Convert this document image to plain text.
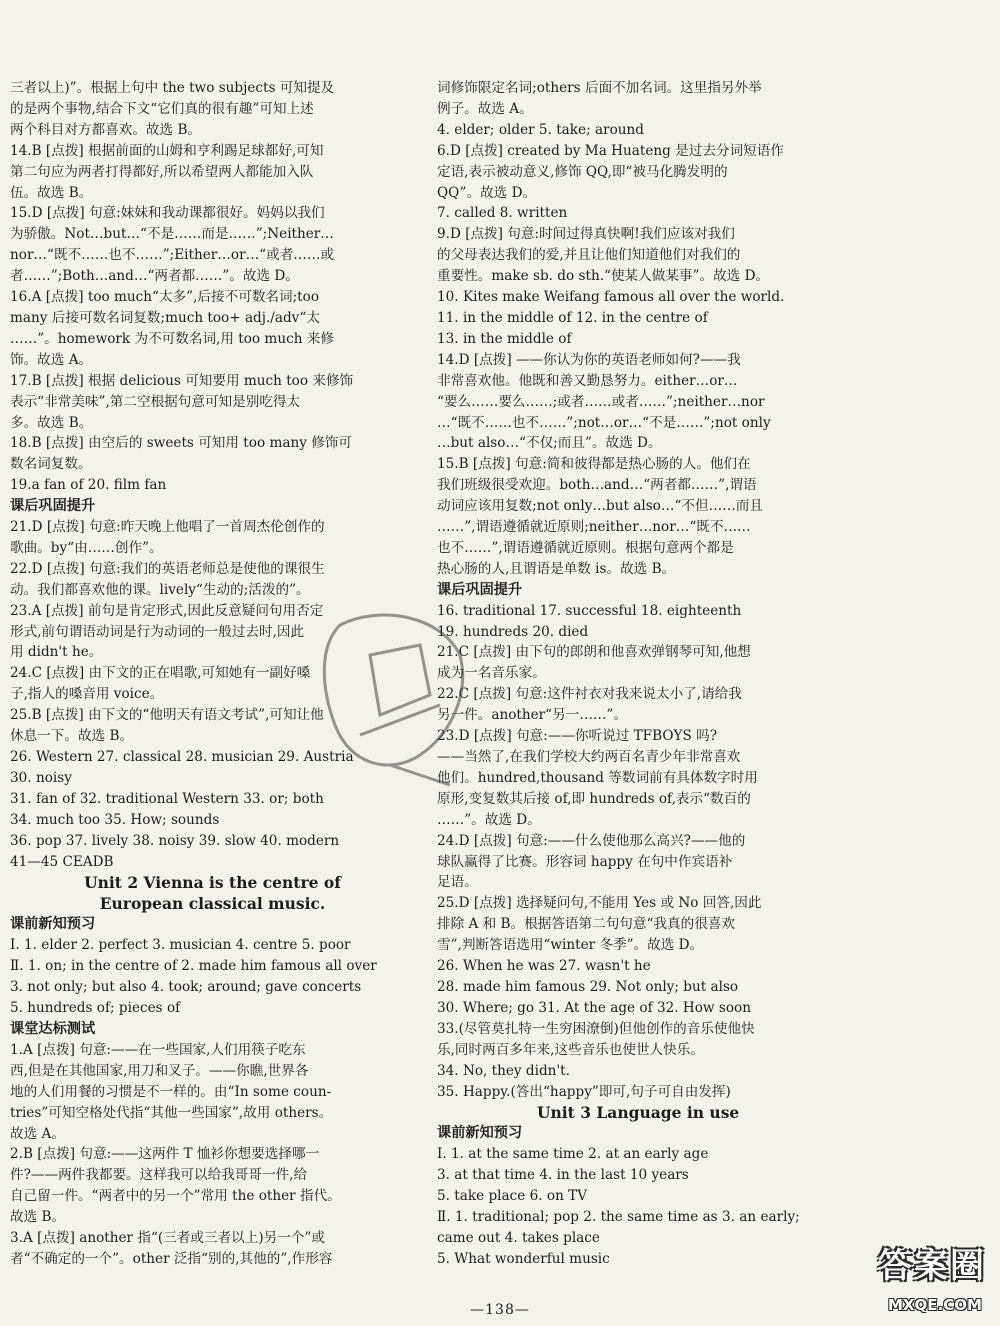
三者以上)”。根据上句中 the two subjects 可知提及
的是两个事物,结合下文“它们真的很有趣”可知上述
两个科目对方都喜欢。故选 B。
14.B [点拨] 根据前面的山姆和亨利踢足球都好,可知
第二句应为两者打得都好,所以希望两人都能加入队
伍。故选 B。
15.D [点拨] 句意:妹妹和我动课都很好。妈妈以我们
为骄傲。Not…but…“不是……而是……”;Neither…
nor…“既不……也不……”;Either…or…“或者……或
者……”;Both…and…“两者都……”。故选 D。
16.A [点拨] too much“太多”,后接不可数名词;too
many 后接可数名词复数;much too+ adj./adv“太
……”。homework 为不可数名词,用 too much 来修
饰。故选 A。
17.B [点拨] 根据 delicious 可知要用 much too 来修饰
表示“非常美味”,第二空根据句意可知是别吃得太
多。故选 B。
18.B [点拨] 由空后的 sweets 可知用 too many 修饰可
数名词复数。
19.a fan of 20. film fan
课后巩固提升
21.D [点拨] 句意:昨天晚上他唱了一首周杰伦创作的
歌曲。by“由……创作”。
22.D [点拨] 句意:我们的英语老师总是使他的课很生
动。我们都喜欢他的课。lively“生动的;活泼的”。
23.A [点拨] 前句是肯定形式,因此反意疑问句用否定
形式,前句谓语动词是行为动词的一般过去时,因此
用 didn't he。
24.C [点拨] 由下文的正在唱歌,可知她有一副好嗓
子,指人的嗓音用 voice。
25.B [点拨] 由下文的“他明天有语文考试”,可知让他
休息一下。故选 B。
26. Western 27. classical 28. musician 29. Austria
30. noisy
31. fan of 32. traditional Western 33. or; both
34. much too 35. How; sounds
36. pop 37. lively 38. noisy 39. slow 40. modern
41—45 CEADB
Unit 2 Vienna is the centre of
European classical music.
课前新知预习
Ⅰ. 1. elder 2. perfect 3. musician 4. centre 5. poor
Ⅱ. 1. on; in the centre of 2. made him famous all over
3. not only; but also 4. took; around; gave concerts
5. hundreds of; pieces of
课堂达标测试
1.A [点拨] 句意:——在一些国家,人们用筷子吃东
西,但是在其他国家,用刀和叉子。——你瞧,世界各
地的人们用餐的习惯是不一样的。由“In some coun-
tries”可知空格处代指“其他一些国家”,故用 others。
故选 A。
2.B [点拨] 句意:——这两件 T 恤衫你想要选择哪一
件?——两件我都要。这样我可以给我哥哥一件,给
自己留一件。“两者中的另一个”常用 the other 指代。
故选 B。
3.A [点拨] another 指“(三者或三者以上)另一个”或
者“不确定的一个”。other 泛指“别的,其他的”,作形容
词修饰限定名词;others 后面不加名词。这里指另外举
例子。故选 A。
4. elder; older 5. take; around
6.D [点拨] created by Ma Huateng 是过去分词短语作
定语,表示被动意义,修饰 QQ,即“被马化腾发明的
QQ”。故选 D。
7. called 8. written
9.D [点拨] 句意:时间过得真快啊!我们应该对我们
的父母表达我们的爱,并且让他们知道他们对我们的
重要性。make sb. do sth.“使某人做某事”。故选 D。
10. Kites make Weifang famous all over the world.
11. in the middle of 12. in the centre of
13. in the middle of
14.D [点拨] ——你认为你的英语老师如何?——我
非常喜欢他。他既和善又勤恳努力。either…or…
“要么……要么……;或者……或者……”;neither…nor
…“既不……也不……”;not…or…“不是……”;not only
…but also…“不仅;而且”。故选 D。
15.B [点拨] 句意:简和彼得都是热心肠的人。他们在
我们班级很受欢迎。both…and…“两者都……”,谓语
动词应该用复数;not only…but also…“不但……而且
……”,谓语遵循就近原则;neither…nor…“既不……
也不……”,谓语遵循就近原则。根据句意两个都是
热心肠的人,且谓语是单数 is。故选 B。
课后巩固提升
16. traditional 17. successful 18. eighteenth
19. hundreds 20. died
21.C [点拨] 由下句的郎朗和他喜欢弹钢琴可知,他想
成为一名音乐家。
22.C [点拨] 句意:这件衬衣对我来说太小了,请给我
另一件。another“另一……”。
23.D [点拨] 句意:——你听说过 TFBOYS 吗?
——当然了,在我们学校大约两百名青少年非常喜欢
他们。hundred,thousand 等数词前有具体数字时用
原形,变复数其后接 of,即 hundreds of,表示“数百的
……”。故选 D。
24.D [点拨] 句意:——什么使他那么高兴?——他的
球队赢得了比赛。形容词 happy 在句中作宾语补
足语。
25.D [点拨] 选择疑问句,不能用 Yes 或 No 回答,因此
排除 A 和 B。根据答语第二句句意“我真的很喜欢
雪”,判断答语选用“winter 冬季”。故选 D。
26. When he was 27. wasn't he
28. made him famous 29. Not only; but also
30. Where; go 31. At the age of 32. How soon
33.(尽管莫扎特一生穷困潦倒)但他创作的音乐使他快
乐,同时两百多年来,这些音乐也使世人快乐。
34. No, they didn't.
35. Happy.(答出“happy”即可,句子可自由发挥)
Unit 3 Language in use
课前新知预习
Ⅰ. 1. at the same time 2. at an early age
3. at that time 4. in the last 10 years
5. take place 6. on TV
Ⅱ. 1. traditional; pop 2. the same time as 3. an early;
came out 4. takes place
5. What wonderful music
—138—
答案圈
MXQE.COM
